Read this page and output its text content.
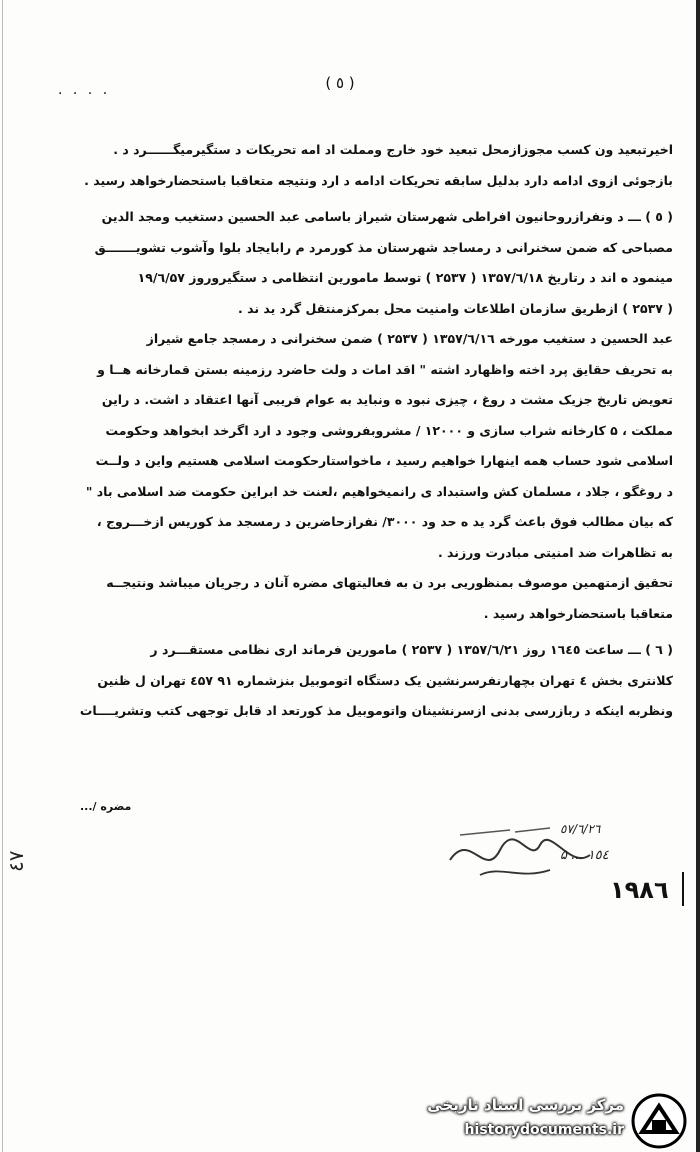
. . . .	( ٥ )
اخیرتبعید ون کسب مجوزازمحل تبعید خود خارج ومملت اد امه تحریکات د ستگیرمیگــــــرد د .
بازجوئی ازوی ادامه دارد بدلیل سابقه تحریکات ادامه د ارد ونتیجه متعاقبا باستحضارخواهد رسید .
( ٥ ) ـــ د ونفرازروحانیون افراطی شهرستان شیراز باسامی عبد الحسین دستغیب ومجد الدین
مصباحی که ضمن سخنرانی د رمساجد شهرستان مذ کورمرد م رابایجاد بلوا وآشوب تشویـــــــق
مینمود ه اند د رتاریخ ۱۳۵۷/٦/۱۸ ( ۲۵۳۷ ) توسط مامورین انتظامی د ستگیروروز ۱۹/٦/۵۷
( ۲۵۳۷ ) ازطریق سازمان اطلاعات وامنیت محل بمرکزمنتقل گرد ید ند .
عبد الحسین د ستغیب مورخه ۱۳۵۷/٦/۱٦ ( ۲۵۳۷ ) ضمن سخنرانی د رمسجد جامع شیراز
به تحریف حقایق پرد اخته واظهارد اشته " اقد امات د ولت حاضرد رزمینه بستن قمارخانه هــا و
تعویض تاریخ جزیک مشت د روغ ، چیزی نبود ه ونباید به عوام فریبی آنها اعتقاد د اشت. د راین
مملکت ، ۵ کارخانه شراب سازی و ۱۲۰۰۰ / مشروبفروشی وجود د ارد اگرخد ابخواهد وحکومت
اسلامی شود حساب همه اینهارا خواهیم رسید ، ماخواستارحکومت اسلامی هستیم واین د ولــت
د روغگو ، جلاد ، مسلمان کش واستبداد ی رانمیخواهیم ،لعنت خد ابراین حکومت ضد اسلامی باد "
که بیان مطالب فوق باعث گرد ید ه حد ود ۳۰۰۰/ نفرازحاضرین د رمسجد مذ کوریس ازخـــروج ،
به تظاهرات ضد امنیتی مبادرت ورزند .
تحقیق ازمتهمین موصوف بمنظوریی برد ن به فعالیتهای مضره آنان د رجریان میباشد ونتیجــه
متعاقبا باستحضارخواهد رسید .
( ٦ ) ـــ ساعت ۱٦٤٥ روز ۱۳۵۷/٦/۲۱ ( ۲۵۳۷ ) مامورین فرماند اری نظامی مستقـــرد ر
کلانتری بخش ٤ تهران بچهارنفرسرنشین یک دستگاه اتوموبیل بنزشماره ۹۱ ٤۵۷ تهران ل ظنین
ونظربه اینکه د ربازرسی بدنی ازسرنشینان واتوموبیل مذ کورتعد اد قابل توجهی کتب وتشریــــات
مضره /...
٥٧/٦/٢٦
١٥٤ ... ۵
٤٧
١٩٨٦
مرکز بررسی اسناد تاریخی
historydocuments.ir
